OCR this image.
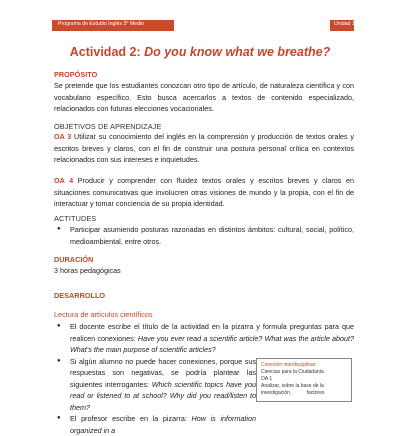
Programa de Estudio Inglés 3° Medio	Unidad 1
Actividad 2: Do you know what we breathe?
PROPÓSITO
Se pretende que los estudiantes conozcan otro tipo de artículo, de naturaleza científica y con vocabulario específico. Esto busca acercarlos a textos de contenido especializado, relacionados con futuras elecciones vocacionales.
OBJETIVOS DE APRENDIZAJE
OA 3 Utilizar su conocimiento del inglés en la comprensión y producción de textos orales y escritos breves y claros, con el fin de construir una postura personal crítica en contextos relacionados con sus intereses e inquietudes.
OA 4 Producir y comprender con fluidez textos orales y escritos breves y claros en situaciones comunicativas que involucren otras visiones de mundo y la propia, con el fin de interactuar y tomar conciencia de su propia identidad.
ACTITUDES
● Participar asumiendo posturas razonadas en distintos ámbitos: cultural, social, político, medioambiental, entre otros.
DURACIÓN
3 horas pedagógicas
DESARROLLO
Lectura de artículos científicos
● El docente escribe el título de la actividad en la pizarra y formula preguntas para que realicen conexiones: Have you ever read a scientific article? What was the article about? What’s the main purpose of scientific articles?
● Si algún alumno no puede hacer conexiones, porque sus respuestas son negativas, se podría plantear las siguientes interrogantes: Which scientific topics have you read or listened to at school? Why did you read/listen to them?
● El profesor escribe en la pizarra: How is information organized in a
Conexión interdisciplinar:
Ciencias para la Ciudadanía
OA 1
Analizar, sobre la base de la
investigación,           factores
